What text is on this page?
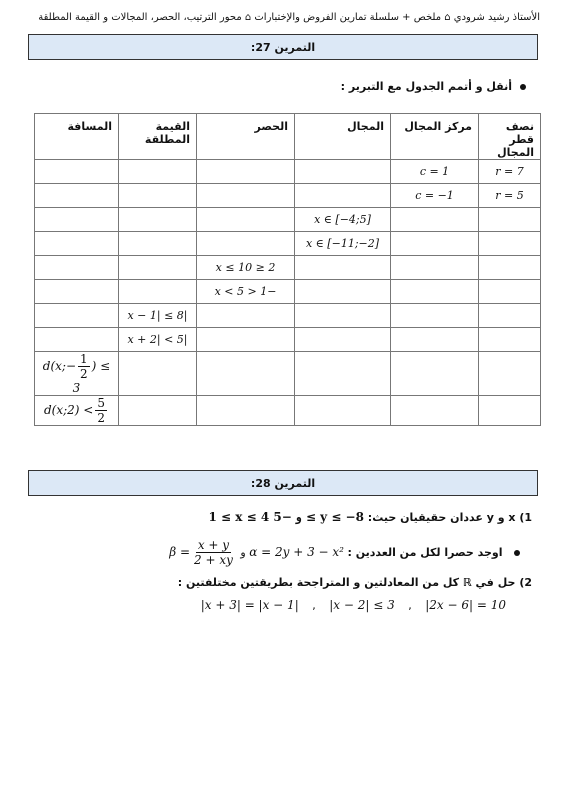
الأستاذ رشيد شرودي ⌂ ملخص + سلسلة تمارين الفروض والإختبارات ⌂ محور الترتيب، الحصر، المجالات و القيمة المطلقة
التمرين 27:
أنقل و أتمم الجدول مع التبرير :
نصف قطر المجال	مركز المجال	المجال	الحصر	القيمة المطلقة	المسافة
r = 7	c = 1				
r = 5	c = −1				
		x ∈ [−4;5]			
		x ∈ [−11;−2]			
			2 ≤ x ≤ 10		
			−1 < x < 5		
				|x − 1| ≤ 8	
				|x + 2| < 5	
					d(x;− $\frac{1}{2}$ ) ≤ 3
					d(x;2) < $\frac{5}{2}$
التمرين 28:
1) x و y عددان حقيقيان حيث: 1 ≤ x ≤ 4 و −5 ≤ y ≤ −8
اوجد حصرا لكل من العددين : α = 2y + 3 − x² و $\beta = \frac{x + y}{2 + xy}$
2) حل في ℝ كل من المعادلتين و المتراجحة بطريقتين مختلفتين :
|2x − 6| = 10 , |x − 2| ≤ 3 , |x + 3| = |x − 1|
